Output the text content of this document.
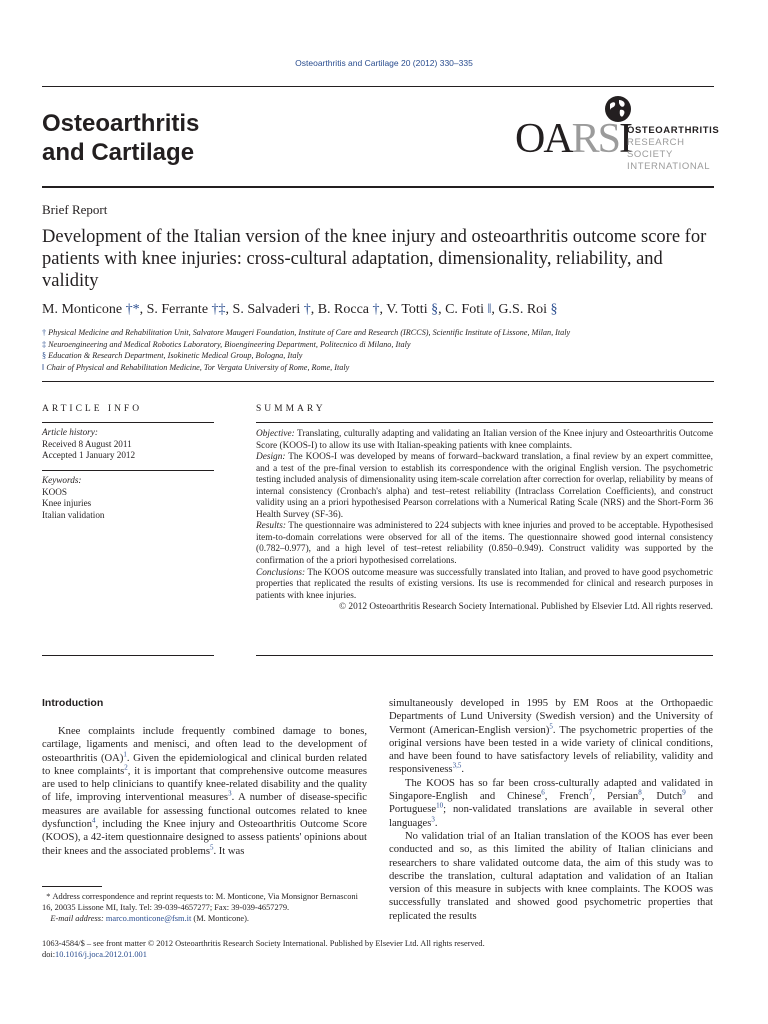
Osteoarthritis and Cartilage 20 (2012) 330–335
Osteoarthritis
and Cartilage	OARSI
OSTEOARTHRITIS
RESEARCH SOCIETY
INTERNATIONAL
Brief Report
Development of the Italian version of the knee injury and osteoarthritis outcome score for patients with knee injuries: cross-cultural adaptation, dimensionality, reliability, and validity
M. Monticone †*, S. Ferrante †‡, S. Salvaderi †, B. Rocca †, V. Totti §, C. Foti ‖, G.S. Roi §
† Physical Medicine and Rehabilitation Unit, Salvatore Maugeri Foundation, Institute of Care and Research (IRCCS), Scientific Institute of Lissone, Milan, Italy
‡ Neuroengineering and Medical Robotics Laboratory, Bioengineering Department, Politecnico di Milano, Italy
§ Education & Research Department, Isokinetic Medical Group, Bologna, Italy
‖ Chair of Physical and Rehabilitation Medicine, Tor Vergata University of Rome, Rome, Italy
ARTICLE INFO
Article history:
Received 8 August 2011
Accepted 1 January 2012
Keywords:
KOOS
Knee injuries
Italian validation
SUMMARY

Objective: Translating, culturally adapting and validating an Italian version of the Knee injury and Osteoarthritis Outcome Score (KOOS-I) to allow its use with Italian-speaking patients with knee complaints.

Design: The KOOS-I was developed by means of forward–backward translation, a final review by an expert committee, and a test of the pre-final version to establish its correspondence with the original English version. The psychometric testing included analysis of dimensionality using item-scale correlation after correction for overlap, reliability by means of internal consistency (Cronbach's alpha) and test–retest reliability (Intraclass Correlation Coefficients), and construct validity using an a priori hypothesised Pearson correlations with a Numerical Rating Scale (NRS) and the Short-Form 36 Health Survey (SF-36).

Results: The questionnaire was administered to 224 subjects with knee injuries and proved to be acceptable. Hypothesised item-to-domain correlations were observed for all of the items. The questionnaire showed good internal consistency (0.782–0.977), and a high level of test–retest reliability (0.850–0.949). Construct validity was supported by the confirmation of the a priori hypothesised correlations.

Conclusions: The KOOS outcome measure was successfully translated into Italian, and proved to have good psychometric properties that replicated the results of existing versions. Its use is recommended for clinical and research purposes in patients with knee injuries.

© 2012 Osteoarthritis Research Society International. Published by Elsevier Ltd. All rights reserved.

Introduction

Knee complaints include frequently combined damage to bones, cartilage, ligaments and menisci, and often lead to the development of osteoarthritis (OA)$^1$. Given the epidemiological and clinical burden related to knee complaints$^2$, it is important that comprehensive outcome measures are used to help clinicians to quantify knee-related disability and the quality of life, improving interventional measures$^3$. A number of disease-specific measures are available for assessing functional outcomes related to knee dysfunction$^4$, including the Knee injury and Osteoarthritis Outcome Score (KOOS), a 42-item questionnaire designed to assess patients' opinions about their knees and the associated problems$^5$. It was

simultaneously developed in 1995 by EM Roos at the Orthopaedic Departments of Lund University (Swedish version) and the University of Vermont (American-English version)$^5$. The psychometric properties of the original versions have been tested in a wide variety of clinical conditions, and have been found to have satisfactory levels of reliability, validity and responsiveness$^{3,5}$.

The KOOS has so far been cross-culturally adapted and validated in Singapore-English and Chinese$^6$, French$^7$, Persian$^8$, Dutch$^9$ and Portuguese$^{10}$; non-validated translations are available in several other languages$^3$.

No validation trial of an Italian translation of the KOOS has ever been conducted and so, as this limited the ability of Italian clinicians and researchers to share validated outcome data, the aim of this study was to describe the translation, cultural adaptation and validation of an Italian version of this measure in subjects with knee complaints. The KOOS was successfully translated and showed good psychometric properties that replicated the results

* Address correspondence and reprint requests to: M. Monticone, Via Monsignor Bernasconi 16, 20035 Lissone MI, Italy. Tel: 39-039-4657277; Fax: 39-039-4657279.
E-mail address: marco.monticone@fsm.it (M. Monticone).
1063-4584/$ – see front matter © 2012 Osteoarthritis Research Society International. Published by Elsevier Ltd. All rights reserved.
doi:10.1016/j.joca.2012.01.001
